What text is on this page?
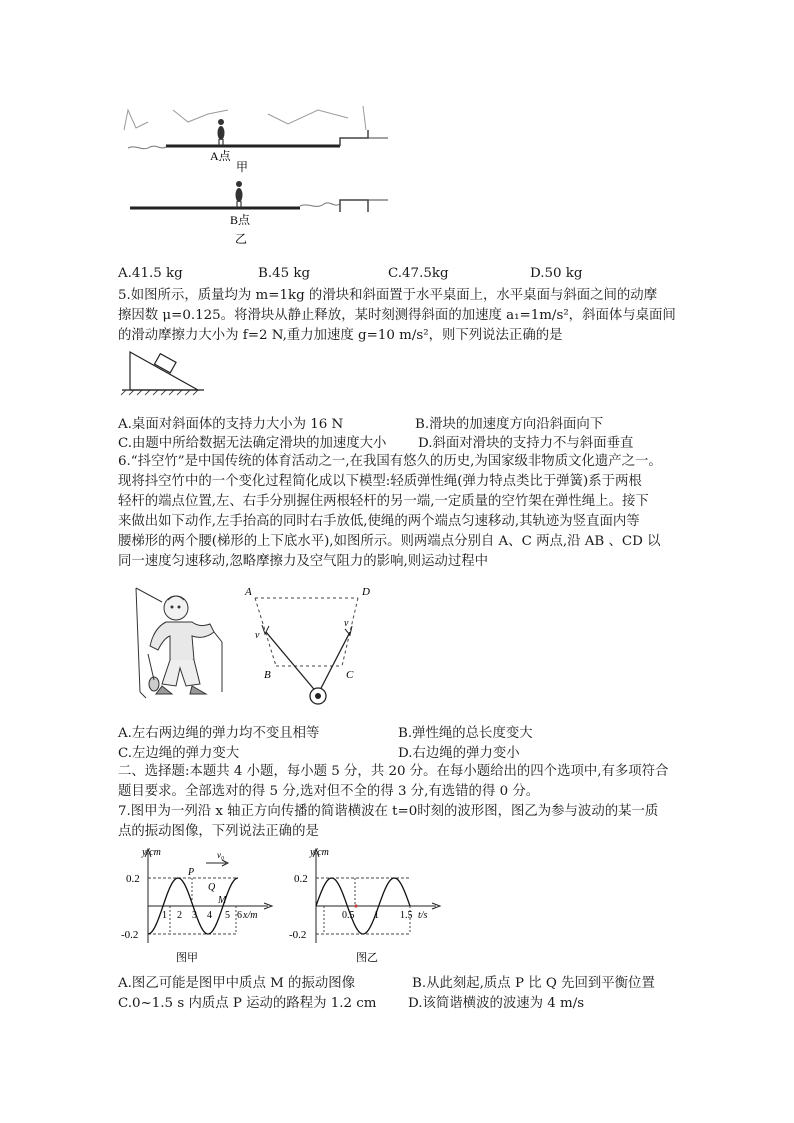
A点
甲
B点
乙
A.41.5 kg	B.45 kg	C.47.5kg	D.50 kg
5.如图所示，质量均为 m=1kg 的滑块和斜面置于水平桌面上，水平桌面与斜面之间的动摩
擦因数 μ=0.125。将滑块从静止释放，某时刻测得斜面的加速度 a₁=1m/s²，斜面体与桌面间
的滑动摩擦力大小为 f=2 N,重力加速度 g=10 m/s²，则下列说法正确的是
A.桌面对斜面体的支持力大小为 16 N	B.滑块的加速度方向沿斜面向下
C.由题中所给数据无法确定滑块的加速度大小 D.斜面对滑块的支持力不与斜面垂直
6.“抖空竹”是中国传统的体育活动之一,在我国有悠久的历史,为国家级非物质文化遗产之一。
现将抖空竹中的一个变化过程简化成以下模型:轻质弹性绳(弹力特点类比于弹簧)系于两根
轻杆的端点位置,左、右手分别握住两根轻杆的另一端,一定质量的空竹架在弹性绳上。接下
来做出如下动作,左手抬高的同时右手放低,使绳的两个端点匀速移动,其轨迹为竖直面内等
腰梯形的两个腰(梯形的上下底水平),如图所示。则两端点分别自 A、C 两点,沿 AB 、CD 以
同一速度匀速移动,忽略摩擦力及空气阻力的影响,则运动过程中
A	D
B	C
v
v
A.左右两边绳的弹力均不变且相等	B.弹性绳的总长度变大
C.左边绳的弹力变大	D.右边绳的弹力变小
二、选择题:本题共 4 小题，每小题 5 分，共 20 分。在每小题给出的四个选项中,有多项符合
题目要求。全部选对的得 5 分,选对但不全的得 3 分,有选错的得 0 分。
7.图甲为一列沿 x 轴正方向传播的简谐横波在 t=0时刻的波形图，图乙为参与波动的某一质
点的振动图像，下列说法正确的是
y/cm	v₀
0.2
-0.2
1 2 3 4 5 6 x/m
P
Q
M
图甲
y/cm
0.2
-0.2
0.5 1 1.5 t/s
图乙
A.图乙可能是图甲中质点 M 的振动图像	B.从此刻起,质点 P 比 Q 先回到平衡位置
C.0~1.5 s 内质点 P 运动的路程为 1.2 cm D.该简谐横波的波速为 4 m/s
